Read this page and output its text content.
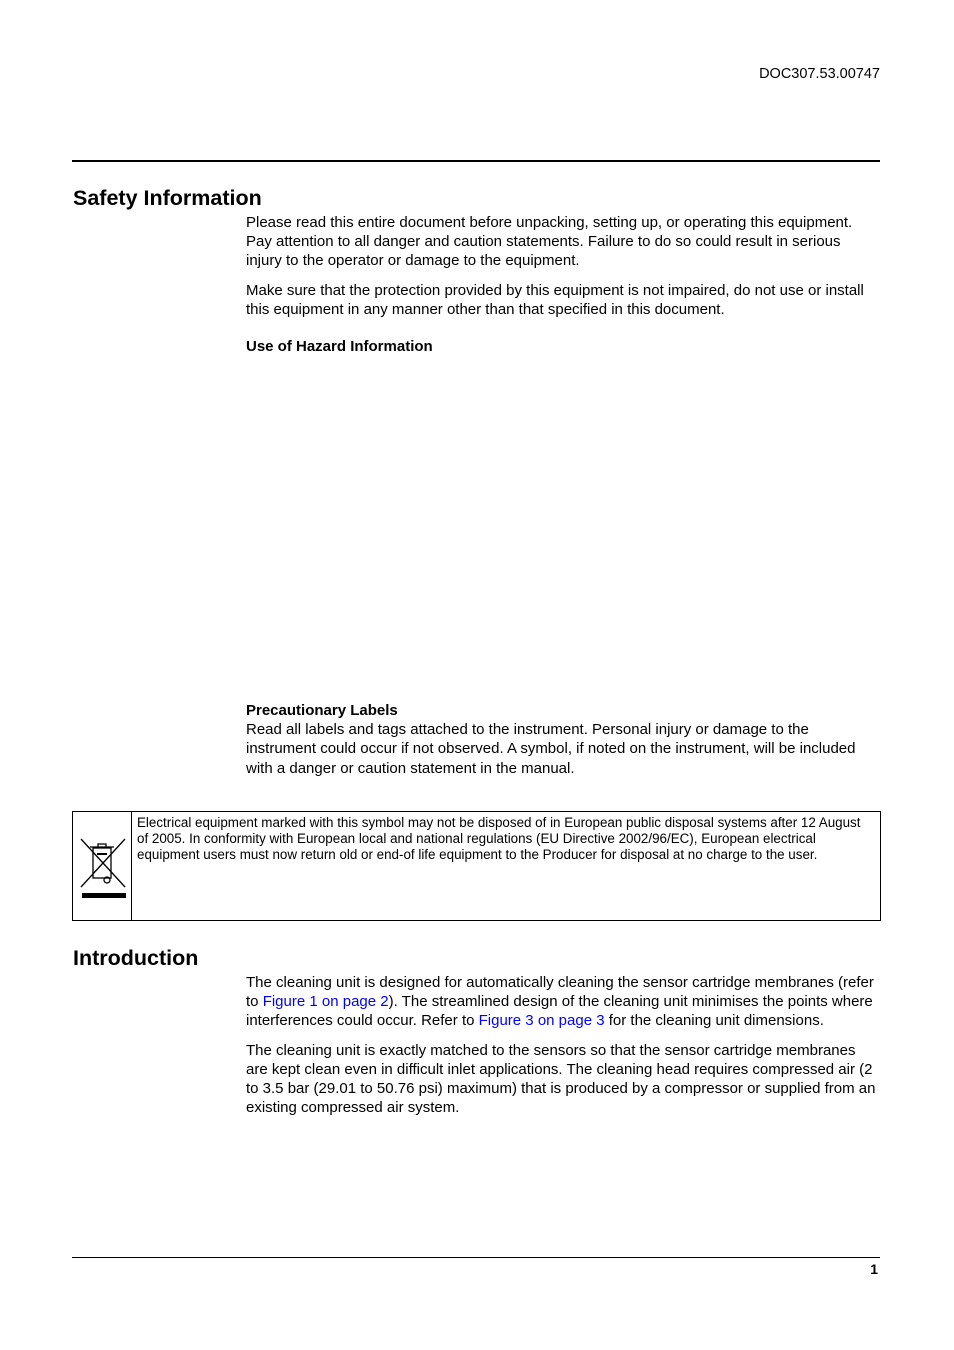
DOC307.53.00747
Safety Information

Please read this entire document before unpacking, setting up, or operating this equipment. Pay attention to all danger and caution statements. Failure to do so could result in serious injury to the operator or damage to the equipment.

Make sure that the protection provided by this equipment is not impaired, do not use or install this equipment in any manner other than that specified in this document.

Use of Hazard Information

Precautionary Labels
Read all labels and tags attached to the instrument. Personal injury or damage to the instrument could occur if not observed. A symbol, if noted on the instrument, will be included with a danger or caution statement in the manual.
Electrical equipment marked with this symbol may not be disposed of in European public disposal systems after 12 August of 2005. In conformity with European local and national regulations (EU Directive 2002/96/EC), European electrical equipment users must now return old or end-of life equipment to the Producer for disposal at no charge to the user.
Introduction

The cleaning unit is designed for automatically cleaning the sensor cartridge membranes (refer to Figure 1 on page 2). The streamlined design of the cleaning unit minimises the points where interferences could occur. Refer to Figure 3 on page 3 for the cleaning unit dimensions.

The cleaning unit is exactly matched to the sensors so that the sensor cartridge membranes are kept clean even in difficult inlet applications. The cleaning head requires compressed air (2 to 3.5 bar (29.01 to 50.76 psi) maximum) that is produced by a compressor or supplied from an existing compressed air system.

1
